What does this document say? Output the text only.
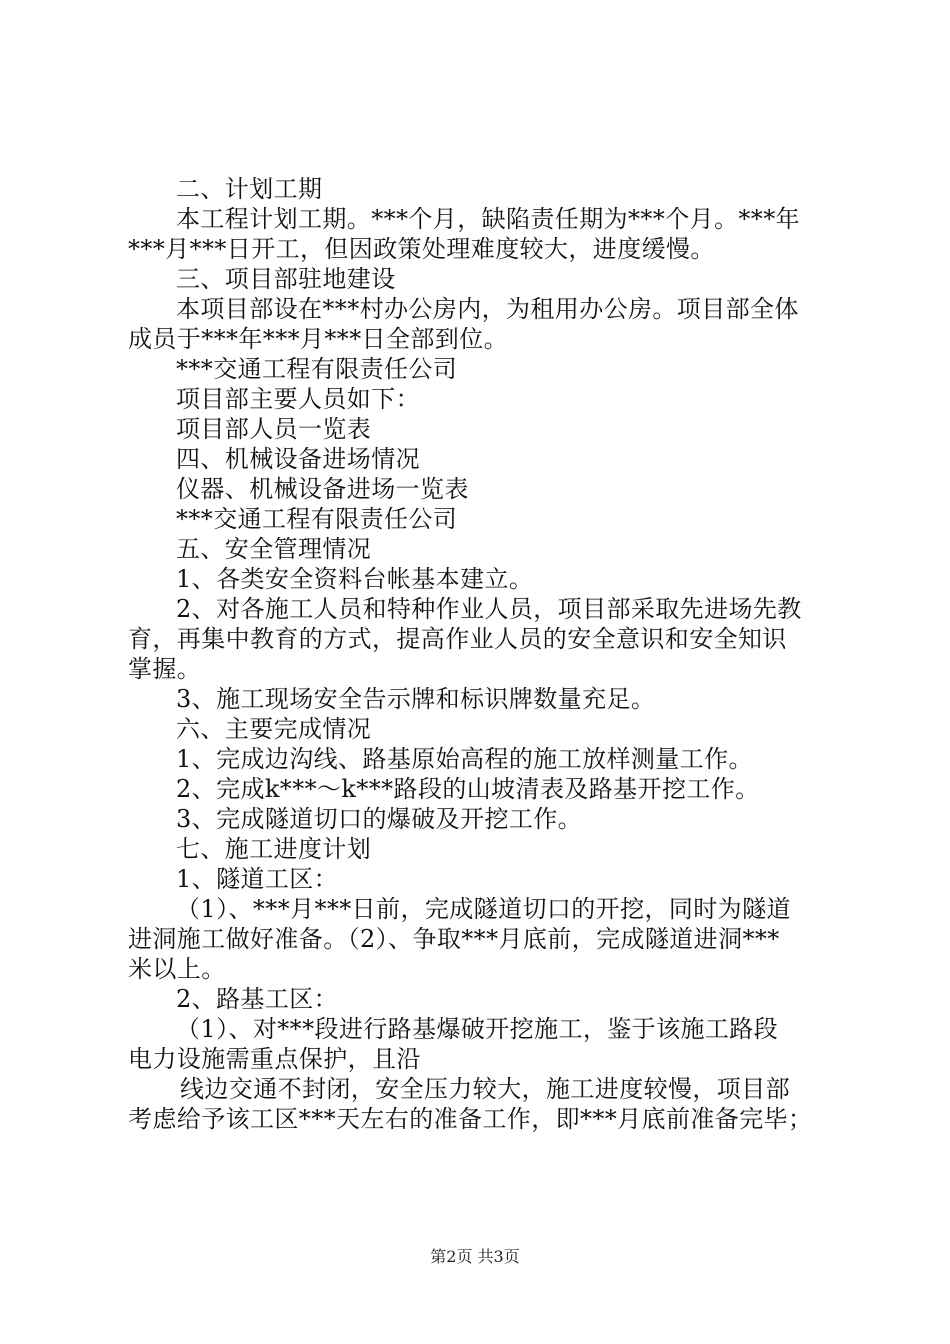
二、计划工期
本工程计划工期。***个月，缺陷责任期为***个月。***年
***月***日开工，但因政策处理难度较大，进度缓慢。
三、项目部驻地建设
本项目部设在***村办公房内，为租用办公房。项目部全体
成员于***年***月***日全部到位。
***交通工程有限责任公司
项目部主要人员如下：
项目部人员一览表
四、机械设备进场情况
仪器、机械设备进场一览表
***交通工程有限责任公司
五、安全管理情况
1、各类安全资料台帐基本建立。
2、对各施工人员和特种作业人员，项目部采取先进场先教
育，再集中教育的方式，提高作业人员的安全意识和安全知识
掌握。
3、施工现场安全告示牌和标识牌数量充足。
六、主要完成情况
1、完成边沟线、路基原始高程的施工放样测量工作。
2、完成k***～k***路段的山坡清表及路基开挖工作。
3、完成隧道切口的爆破及开挖工作。
七、施工进度计划
1、隧道工区：
（1）、***月***日前，完成隧道切口的开挖，同时为隧道
进洞施工做好准备。（2）、争取***月底前，完成隧道进洞***
米以上。
2、路基工区：
（1）、对***段进行路基爆破开挖施工，鉴于该施工路段
电力设施需重点保护，且沿
线边交通不封闭，安全压力较大，施工进度较慢，项目部
考虑给予该工区***天左右的准备工作，即***月底前准备完毕；
第2页 共3页
